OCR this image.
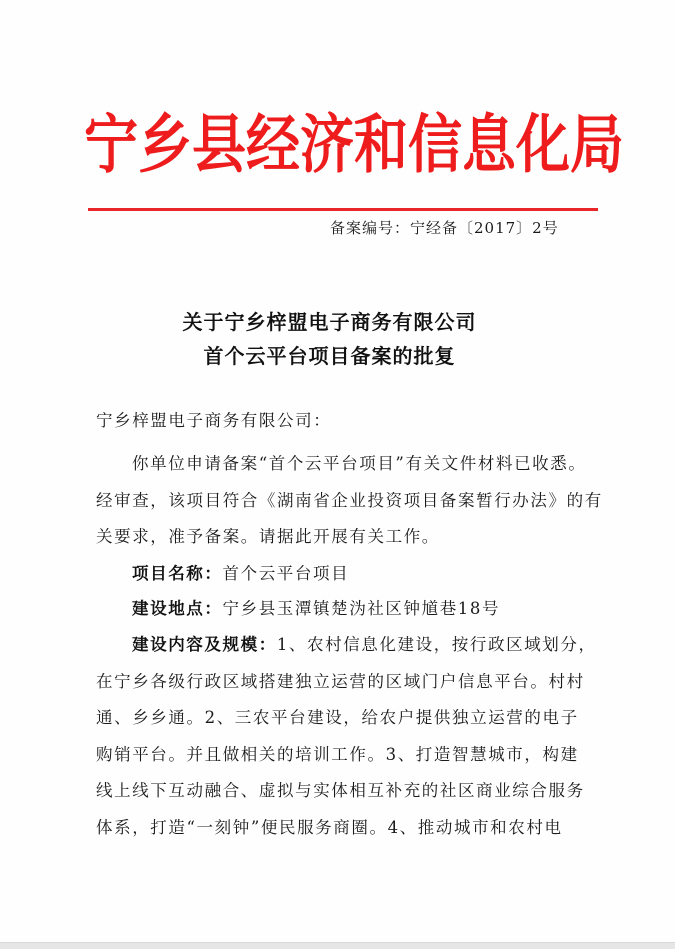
宁 乡 县 经 济 和 信 息 化 局
备案编号：宁经备〔2017〕2号
关于宁乡梓盟电子商务有限公司
首个云平台项目备案的批复
宁乡梓盟电子商务有限公司：
你单位申请备案“首个云平台项目”有关文件材料已收悉。
经审查，该项目符合《湖南省企业投资项目备案暂行办法》的有
关要求，准予备案。请据此开展有关工作。
项目名称：首个云平台项目
建设地点：宁乡县玉潭镇楚沩社区钟馗巷18号
建设内容及规模：1、农村信息化建设，按行政区域划分，
在宁乡各级行政区域搭建独立运营的区域门户信息平台。村村
通、乡乡通。2、三农平台建设，给农户提供独立运营的电子
购销平台。并且做相关的培训工作。3、打造智慧城市，构建
线上线下互动融合、虚拟与实体相互补充的社区商业综合服务
体系，打造“一刻钟”便民服务商圈。4、推动城市和农村电
